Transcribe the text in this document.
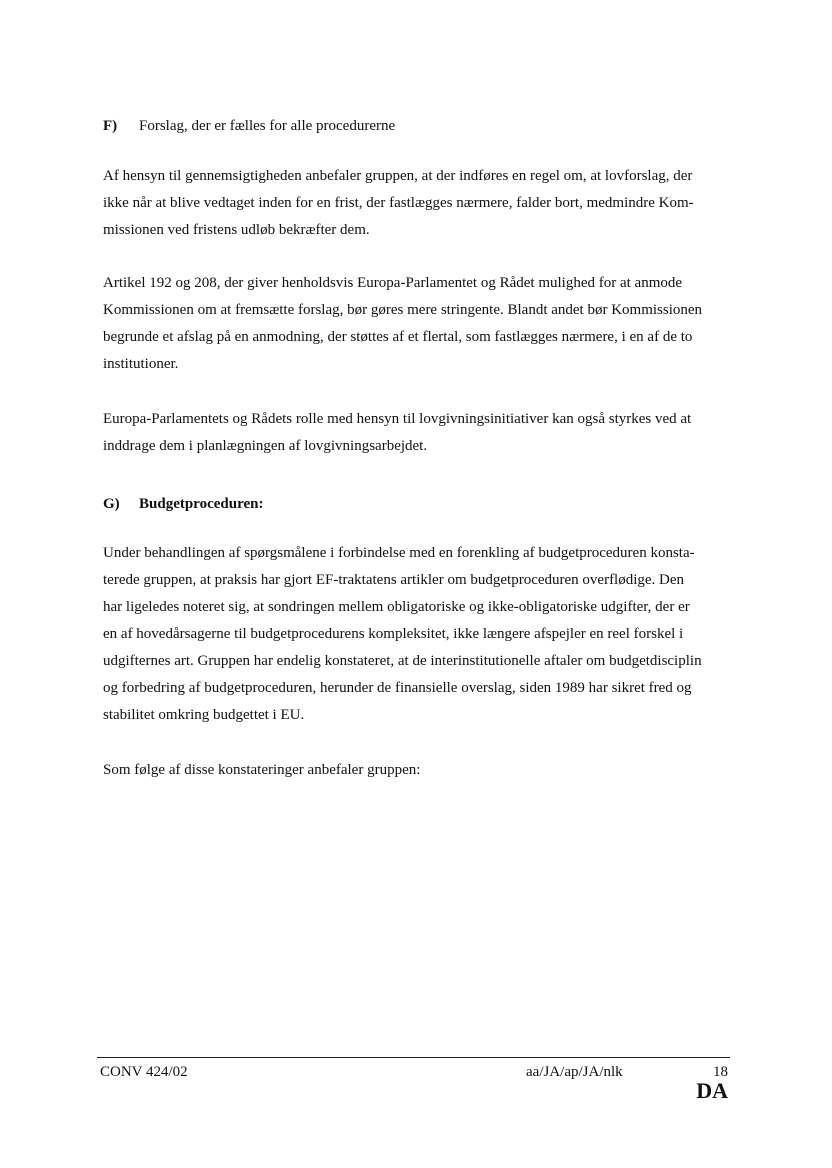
F) Forslag, der er fælles for alle procedurerne
Af hensyn til gennemsigtigheden anbefaler gruppen, at der indføres en regel om, at lovforslag, der
ikke når at blive vedtaget inden for en frist, der fastlægges nærmere, falder bort, medmindre Kom-
missionen ved fristens udløb bekræfter dem.
Artikel 192 og 208, der giver henholdsvis Europa-Parlamentet og Rådet mulighed for at anmode
Kommissionen om at fremsætte forslag, bør gøres mere stringente. Blandt andet bør Kommissionen
begrunde et afslag på en anmodning, der støttes af et flertal, som fastlægges nærmere, i en af de to
institutioner.
Europa-Parlamentets og Rådets rolle med hensyn til lovgivningsinitiativer kan også styrkes ved at
inddrage dem i planlægningen af lovgivningsarbejdet.
G) Budgetproceduren:
Under behandlingen af spørgsmålene i forbindelse med en forenkling af budgetproceduren konsta-
terede gruppen, at praksis har gjort EF-traktatens artikler om budgetproceduren overflødige. Den
har ligeledes noteret sig, at sondringen mellem obligatoriske og ikke-obligatoriske udgifter, der er
en af hovedårsagerne til budgetprocedurens kompleksitet, ikke længere afspejler en reel forskel i
udgifternes art. Gruppen har endelig konstateret, at de interinstitutionelle aftaler om budgetdisciplin
og forbedring af budgetproceduren, herunder de finansielle overslag, siden 1989 har sikret fred og
stabilitet omkring budgettet i EU.
Som følge af disse konstateringer anbefaler gruppen:
CONV 424/02	aa/JA/ap/JA/nlk	18
DA
